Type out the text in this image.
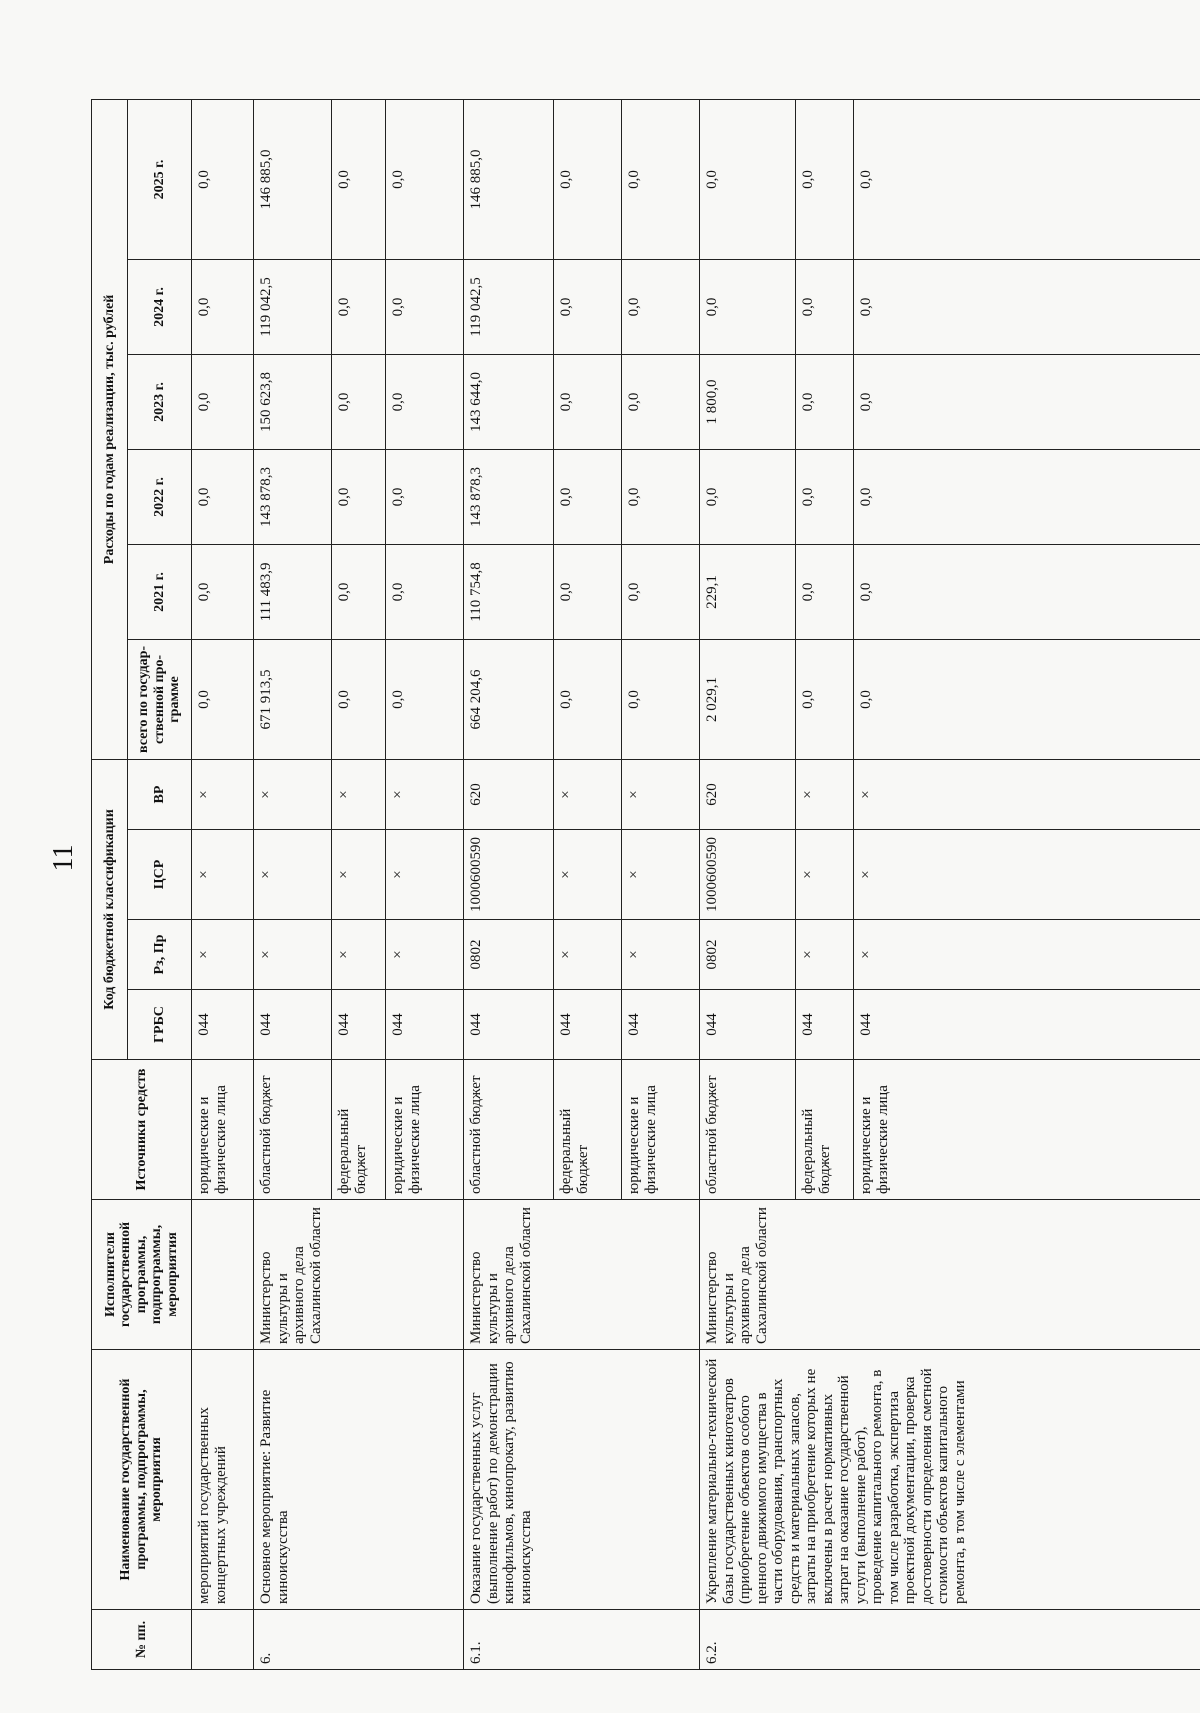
11
№ пп.	Наименование государственной программы, подпрограммы, мероприятия	Исполнители государственной программы, подпрограммы, мероприятия	Источники средств	Код бюджетной классификации				Расходы по годам реализации, тыс. рублей					
				ГРБС	Рз, Пр	ЦСР	ВР	всего по государ-ственной про-грамме	2021 г.	2022 г.	2023 г.	2024 г.	2025 г.
	мероприятий государственных концертных учреждений		юридические и физические лица	044	×	×	×	0,0	0,0	0,0	0,0	0,0	0,0
6.	Основное мероприятие: Развитие киноискусства	Министерство культуры и архивного дела Сахалинской области	областной бюджет	044	×	×	×	671 913,5	111 483,9	143 878,3	150 623,8	119 042,5	146 885,0
			федеральный бюджет	044	×	×	×	0,0	0,0	0,0	0,0	0,0	0,0
			юридические и физические лица	044	×	×	×	0,0	0,0	0,0	0,0	0,0	0,0
6.1.	Оказание государственных услуг (выполнение работ) по демонстрации кинофильмов, кинопрокату, развитию киноискусства	Министерство культуры и архивного дела Сахалинской области	областной бюджет	044	0802	1000600590	620	664 204,6	110 754,8	143 878,3	143 644,0	119 042,5	146 885,0
			федеральный бюджет	044	×	×	×	0,0	0,0	0,0	0,0	0,0	0,0
			юридические и физические лица	044	×	×	×	0,0	0,0	0,0	0,0	0,0	0,0
6.2.	Укрепление материально-технической базы государственных кинотеатров (приобретение объектов особого ценного движимого имущества в части оборудования, транспортных средств и материальных запасов, затраты на приобретение которых не включены в расчет нормативных затрат на оказание государственной услуги (выполнение работ), проведение капитального ремонта, в том числе разработка, экспертиза проектной документации, проверка достоверности определения сметной стоимости объектов капитального ремонта, в том числе с элементами	Министерство культуры и архивного дела Сахалинской области	областной бюджет	044	0802	1000600590	620	2 029,1	229,1	0,0	1 800,0	0,0	0,0
			федеральный бюджет	044	×	×	×	0,0	0,0	0,0	0,0	0,0	0,0
			юридические и физические лица	044	×	×	×	0,0	0,0	0,0	0,0	0,0	0,0
